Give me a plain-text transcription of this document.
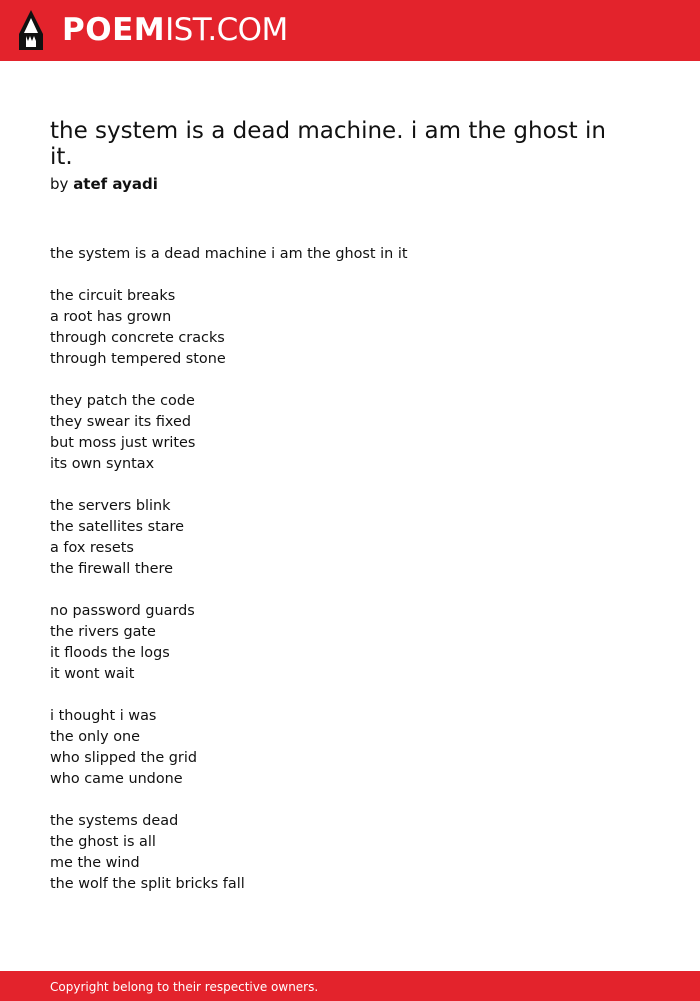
POEMIST.COM
the system is a dead machine. i am the ghost in it.
by atef ayadi
the system is a dead machine i am the ghost in it
the circuit breaks
a root has grown
through concrete cracks
through tempered stone
they patch the code
they swear its fixed
but moss just writes
its own syntax
the servers blink
the satellites stare
a fox resets
the firewall there
no password guards
the rivers gate
it floods the logs
it wont wait
i thought i was
the only one
who slipped the grid
who came undone
the systems dead
the ghost is all
me the wind
the wolf the split bricks fall
Copyright belong to their respective owners.
